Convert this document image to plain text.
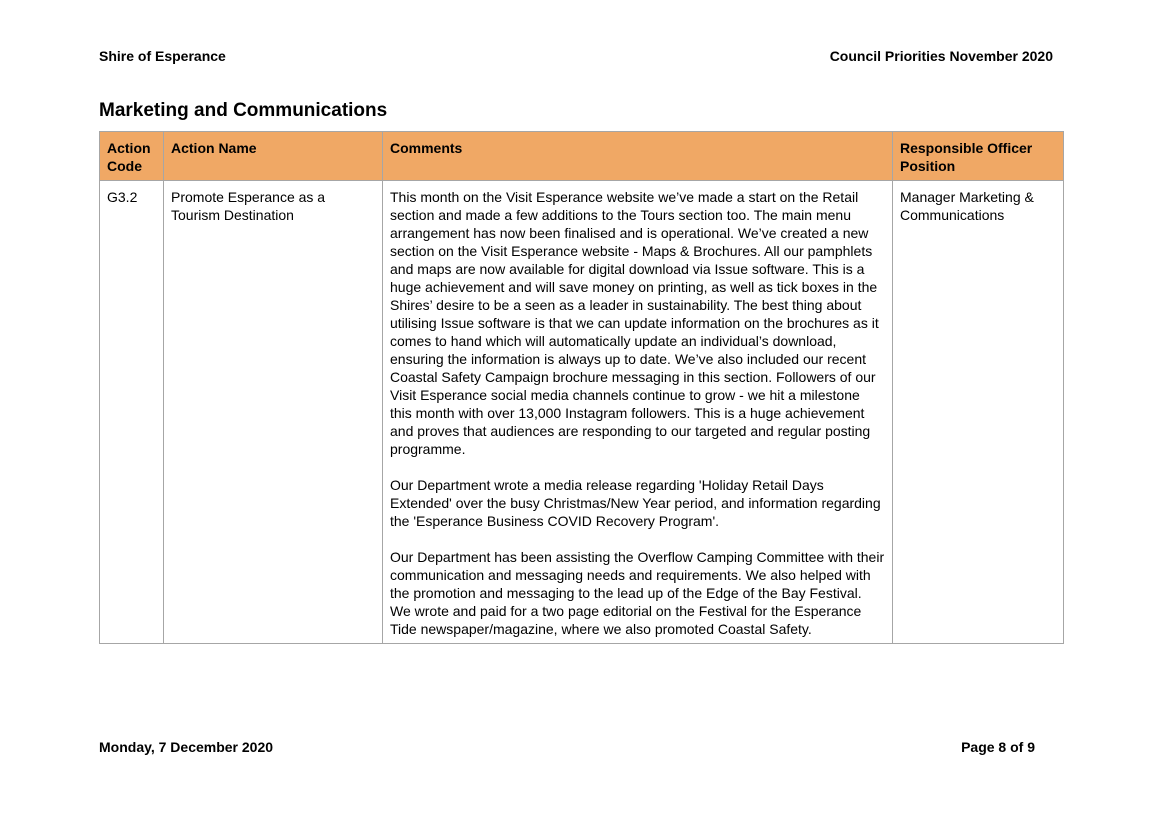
Shire of Esperance	Council Priorities November 2020
Marketing and Communications
Action Code	Action Name	Comments	Responsible Officer Position
G3.2	Promote Esperance as a Tourism Destination	This month on the Visit Esperance website we’ve made a start on the Retail section and made a few additions to the Tours section too. The main menu arrangement has now been finalised and is operational. We’ve created a new section on the Visit Esperance website - Maps & Brochures. All our pamphlets and maps are now available for digital download via Issue software. This is a huge achievement and will save money on printing, as well as tick boxes in the Shires’ desire to be a seen as a leader in sustainability. The best thing about utilising Issue software is that we can update information on the brochures as it comes to hand which will automatically update an individual’s download, ensuring the information is always up to date. We’ve also included our recent Coastal Safety Campaign brochure messaging in this section. Followers of our Visit Esperance social media channels continue to grow - we hit a milestone this month with over 13,000 Instagram followers. This is a huge achievement and proves that audiences are responding to our targeted and regular posting programme.
Our Department wrote a media release regarding 'Holiday Retail Days Extended' over the busy Christmas/New Year period, and information regarding the 'Esperance Business COVID Recovery Program'.
Our Department has been assisting the Overflow Camping Committee with their communication and messaging needs and requirements. We also helped with the promotion and messaging to the lead up of the Edge of the Bay Festival. We wrote and paid for a two page editorial on the Festival for the Esperance Tide newspaper/magazine, where we also promoted Coastal Safety.	Manager Marketing & Communications
Monday, 7 December 2020	Page 8 of 9
